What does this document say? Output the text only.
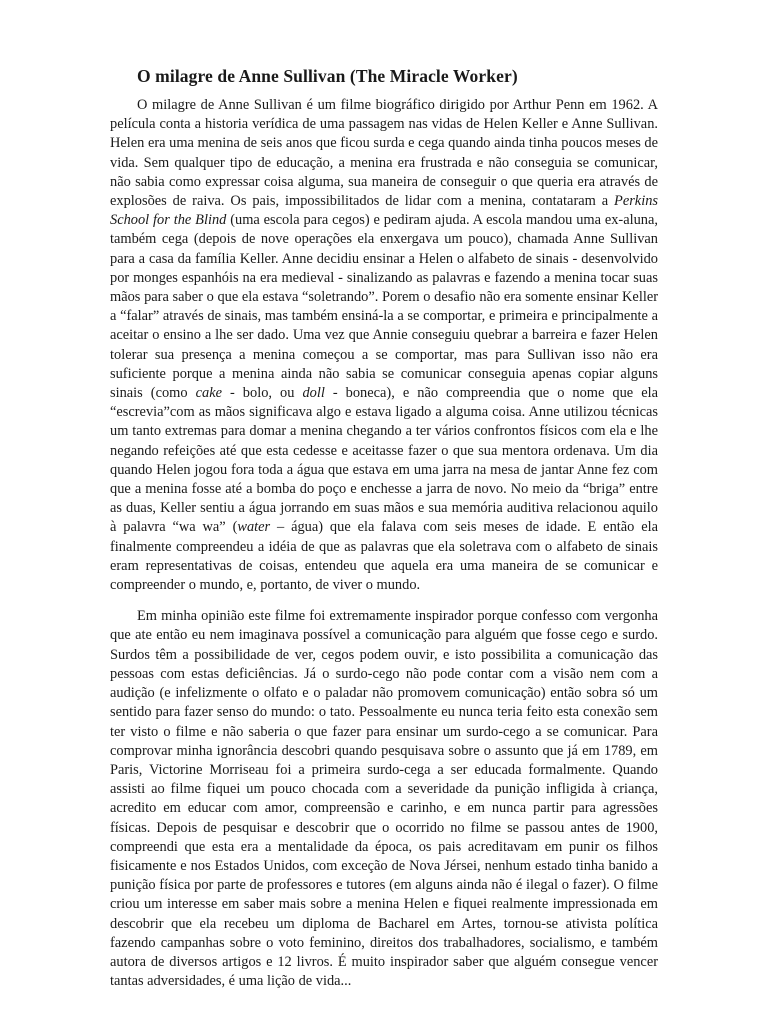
O milagre de Anne Sullivan (The Miracle Worker)

O milagre de Anne Sullivan é um filme biográfico dirigido por Arthur Penn em 1962. A película conta a historia verídica de uma passagem nas vidas de Helen Keller e Anne Sullivan. Helen era uma menina de seis anos que ficou surda e cega quando ainda tinha poucos meses de vida. Sem qualquer tipo de educação, a menina era frustrada e não conseguia se comunicar, não sabia como expressar coisa alguma, sua maneira de conseguir o que queria era através de explosões de raiva. Os pais, impossibilitados de lidar com a menina, contataram a Perkins School for the Blind (uma escola para cegos) e pediram ajuda. A escola mandou uma ex-aluna, também cega (depois de nove operações ela enxergava um pouco), chamada Anne Sullivan para a casa da família Keller. Anne decidiu ensinar a Helen o alfabeto de sinais - desenvolvido por monges espanhóis na era medieval - sinalizando as palavras e fazendo a menina tocar suas mãos para saber o que ela estava “soletrando”. Porem o desafio não era somente ensinar Keller a “falar” através de sinais, mas também ensiná-la a se comportar, e primeira e principalmente a aceitar o ensino a lhe ser dado. Uma vez que Annie conseguiu quebrar a barreira e fazer Helen tolerar sua presença a menina começou a se comportar, mas para Sullivan isso não era suficiente porque a menina ainda não sabia se comunicar conseguia apenas copiar alguns sinais (como cake - bolo, ou doll - boneca), e não compreendia que o nome que ela “escrevia”com as mãos significava algo e estava ligado a alguma coisa. Anne utilizou técnicas um tanto extremas para domar a menina chegando a ter vários confrontos físicos com ela e lhe negando refeições até que esta cedesse e aceitasse fazer o que sua mentora ordenava. Um dia quando Helen jogou fora toda a água que estava em uma jarra na mesa de jantar Anne fez com que a menina fosse até a bomba do poço e enchesse a jarra de novo. No meio da “briga” entre as duas, Keller sentiu a água jorrando em suas mãos e sua memória auditiva relacionou aquilo à palavra “wa wa” (water – água) que ela falava com seis meses de idade. E então ela finalmente compreendeu a idéia de que as palavras que ela soletrava com o alfabeto de sinais eram representativas de coisas, entendeu que aquela era uma maneira de se comunicar e compreender o mundo, e, portanto, de viver o mundo.

Em minha opinião este filme foi extremamente inspirador porque confesso com vergonha que ate então eu nem imaginava possível a comunicação para alguém que fosse cego e surdo. Surdos têm a possibilidade de ver, cegos podem ouvir, e isto possibilita a comunicação das pessoas com estas deficiências. Já o surdo-cego não pode contar com a visão nem com a audição (e infelizmente o olfato e o paladar não promovem comunicação) então sobra só um sentido para fazer senso do mundo: o tato. Pessoalmente eu nunca teria feito esta conexão sem ter visto o filme e não saberia o que fazer para ensinar um surdo-cego a se comunicar. Para comprovar minha ignorância descobri quando pesquisava sobre o assunto que já em 1789, em Paris, Victorine Morriseau foi a primeira surdo-cega a ser educada formalmente. Quando assisti ao filme fiquei um pouco chocada com a severidade da punição infligida à criança, acredito em educar com amor, compreensão e carinho, e em nunca partir para agressões físicas. Depois de pesquisar e descobrir que o ocorrido no filme se passou antes de 1900, compreendi que esta era a mentalidade da época, os pais acreditavam em punir os filhos fisicamente e nos Estados Unidos, com exceção de Nova Jérsei, nenhum estado tinha banido a punição física por parte de professores e tutores (em alguns ainda não é ilegal o fazer). O filme criou um interesse em saber mais sobre a menina Helen e fiquei realmente impressionada em descobrir que ela recebeu um diploma de Bacharel em Artes, tornou-se ativista política fazendo campanhas sobre o voto feminino, direitos dos trabalhadores, socialismo, e também autora de diversos artigos e 12 livros. É muito inspirador saber que alguém consegue vencer tantas adversidades, é uma lição de vida...
